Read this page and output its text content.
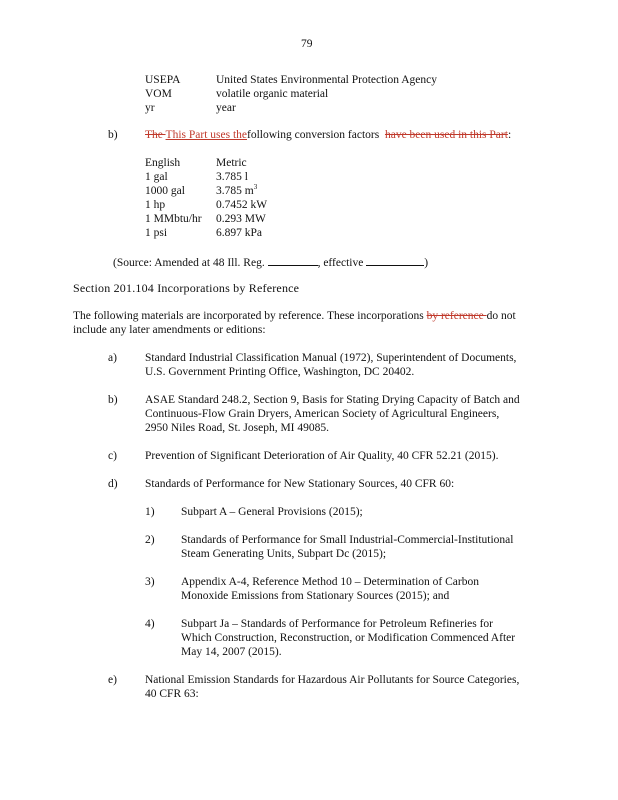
79
USEPA	United States Environmental Protection Agency
VOM	volatile organic material
yr	year
b) The This Part uses thefollowing conversion factors have been used in this Part:
English	Metric
1 gal	3.785 l
1000 gal	3.785 $m^3$
1 hp	0.7452 kW
1 MMbtu/hr 0.293 MW
1 psi	6.897 kPa
(Source: Amended at 48 Ill. Reg.	, effective	)
Section 201.104 Incorporations by Reference
The following materials are incorporated by reference. These incorporations by reference do not
include any later amendments or editions:
a) Standard Industrial Classification Manual (1972), Superintendent of Documents,
U.S. Government Printing Office, Washington, DC 20402.
b) ASAE Standard 248.2, Section 9, Basis for Stating Drying Capacity of Batch and
Continuous-Flow Grain Dryers, American Society of Agricultural Engineers,
2950 Niles Road, St. Joseph, MI 49085.
c) Prevention of Significant Deterioration of Air Quality, 40 CFR 52.21 (2015).
d) Standards of Performance for New Stationary Sources, 40 CFR 60:
1) Subpart A – General Provisions (2015);
2) Standards of Performance for Small Industrial-Commercial-Institutional
Steam Generating Units, Subpart Dc (2015);
3) Appendix A-4, Reference Method 10 – Determination of Carbon
Monoxide Emissions from Stationary Sources (2015); and
4) Subpart Ja – Standards of Performance for Petroleum Refineries for
Which Construction, Reconstruction, or Modification Commenced After
May 14, 2007 (2015).
e) National Emission Standards for Hazardous Air Pollutants for Source Categories,
40 CFR 63:
